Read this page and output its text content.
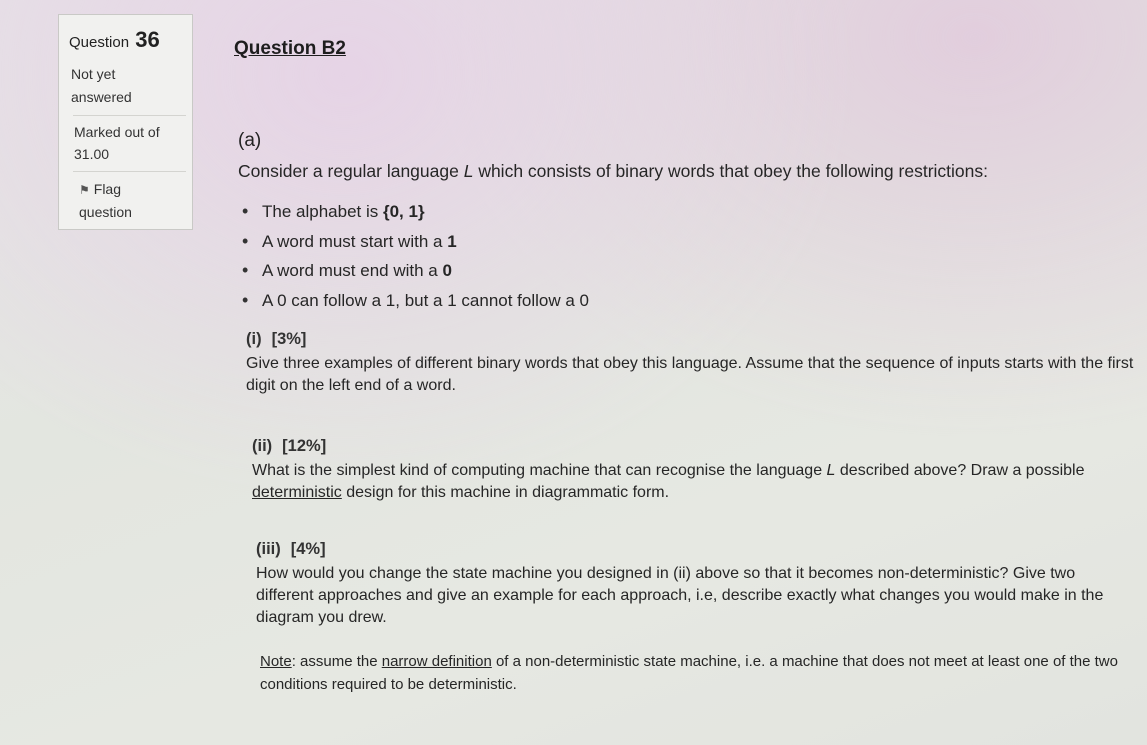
Question 36
Not yet
answered
Marked out of
31.00
⚑ Flag
question
Question B2
(a)
Consider a regular language L which consists of binary words that obey the following restrictions:
• The alphabet is {0, 1}
• A word must start with a 1
• A word must end with a 0
• A 0 can follow a 1, but a 1 cannot follow a 0
(i) [3%]
Give three examples of different binary words that obey this language. Assume that the sequence of inputs starts with the first digit on the left end of a word.
(ii) [12%]
What is the simplest kind of computing machine that can recognise the language L described above? Draw a possible
deterministic design for this machine in diagrammatic form.
(iii) [4%]
How would you change the state machine you designed in (ii) above so that it becomes non-deterministic? Give two different approaches and give an example for each approach, i.e, describe exactly what changes you would make in the diagram you drew.
Note: assume the narrow definition of a non-deterministic state machine, i.e. a machine that does not meet at least one of the two conditions required to be deterministic.
